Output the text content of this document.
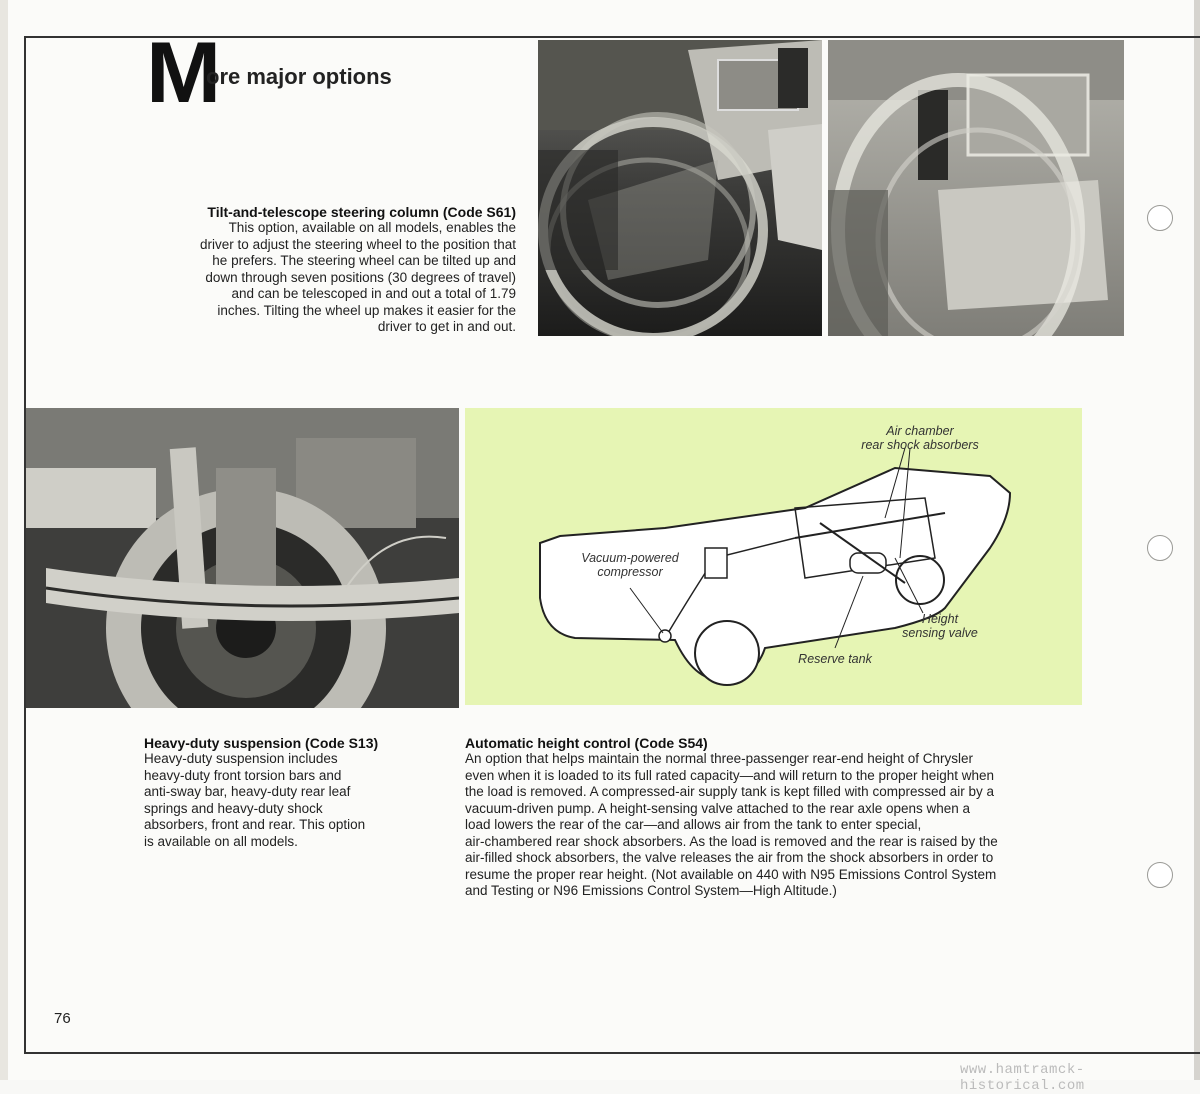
M
ore major options
Tilt-and-telescope steering column (Code S61)
This option, available on all models, enables the
driver to adjust the steering wheel to the position that
he prefers. The steering wheel can be tilted up and
down through seven positions (30 degrees of travel)
and can be telescoped in and out a total of 1.79
inches. Tilting the wheel up makes it easier for the
driver to get in and out.
Air chamber
rear shock absorbers
Vacuum-powered
compressor
Height
sensing valve
Reserve tank
Heavy-duty suspension (Code S13)
Heavy-duty suspension includes
heavy-duty front torsion bars and
anti-sway bar, heavy-duty rear leaf
springs and heavy-duty shock
absorbers, front and rear. This option
is available on all models.
Automatic height control (Code S54)
An option that helps maintain the normal three-passenger rear-end height of Chrysler
even when it is loaded to its full rated capacity—and will return to the proper height when
the load is removed. A compressed-air supply tank is kept filled with compressed air by a
vacuum-driven pump. A height-sensing valve attached to the rear axle opens when a
load lowers the rear of the car—and allows air from the tank to enter special,
air-chambered rear shock absorbers. As the load is removed and the rear is raised by the
air-filled shock absorbers, the valve releases the air from the shock absorbers in order to
resume the proper rear height. (Not available on 440 with N95 Emissions Control System
and Testing or N96 Emissions Control System—High Altitude.)
76
www.hamtramck-historical.com
